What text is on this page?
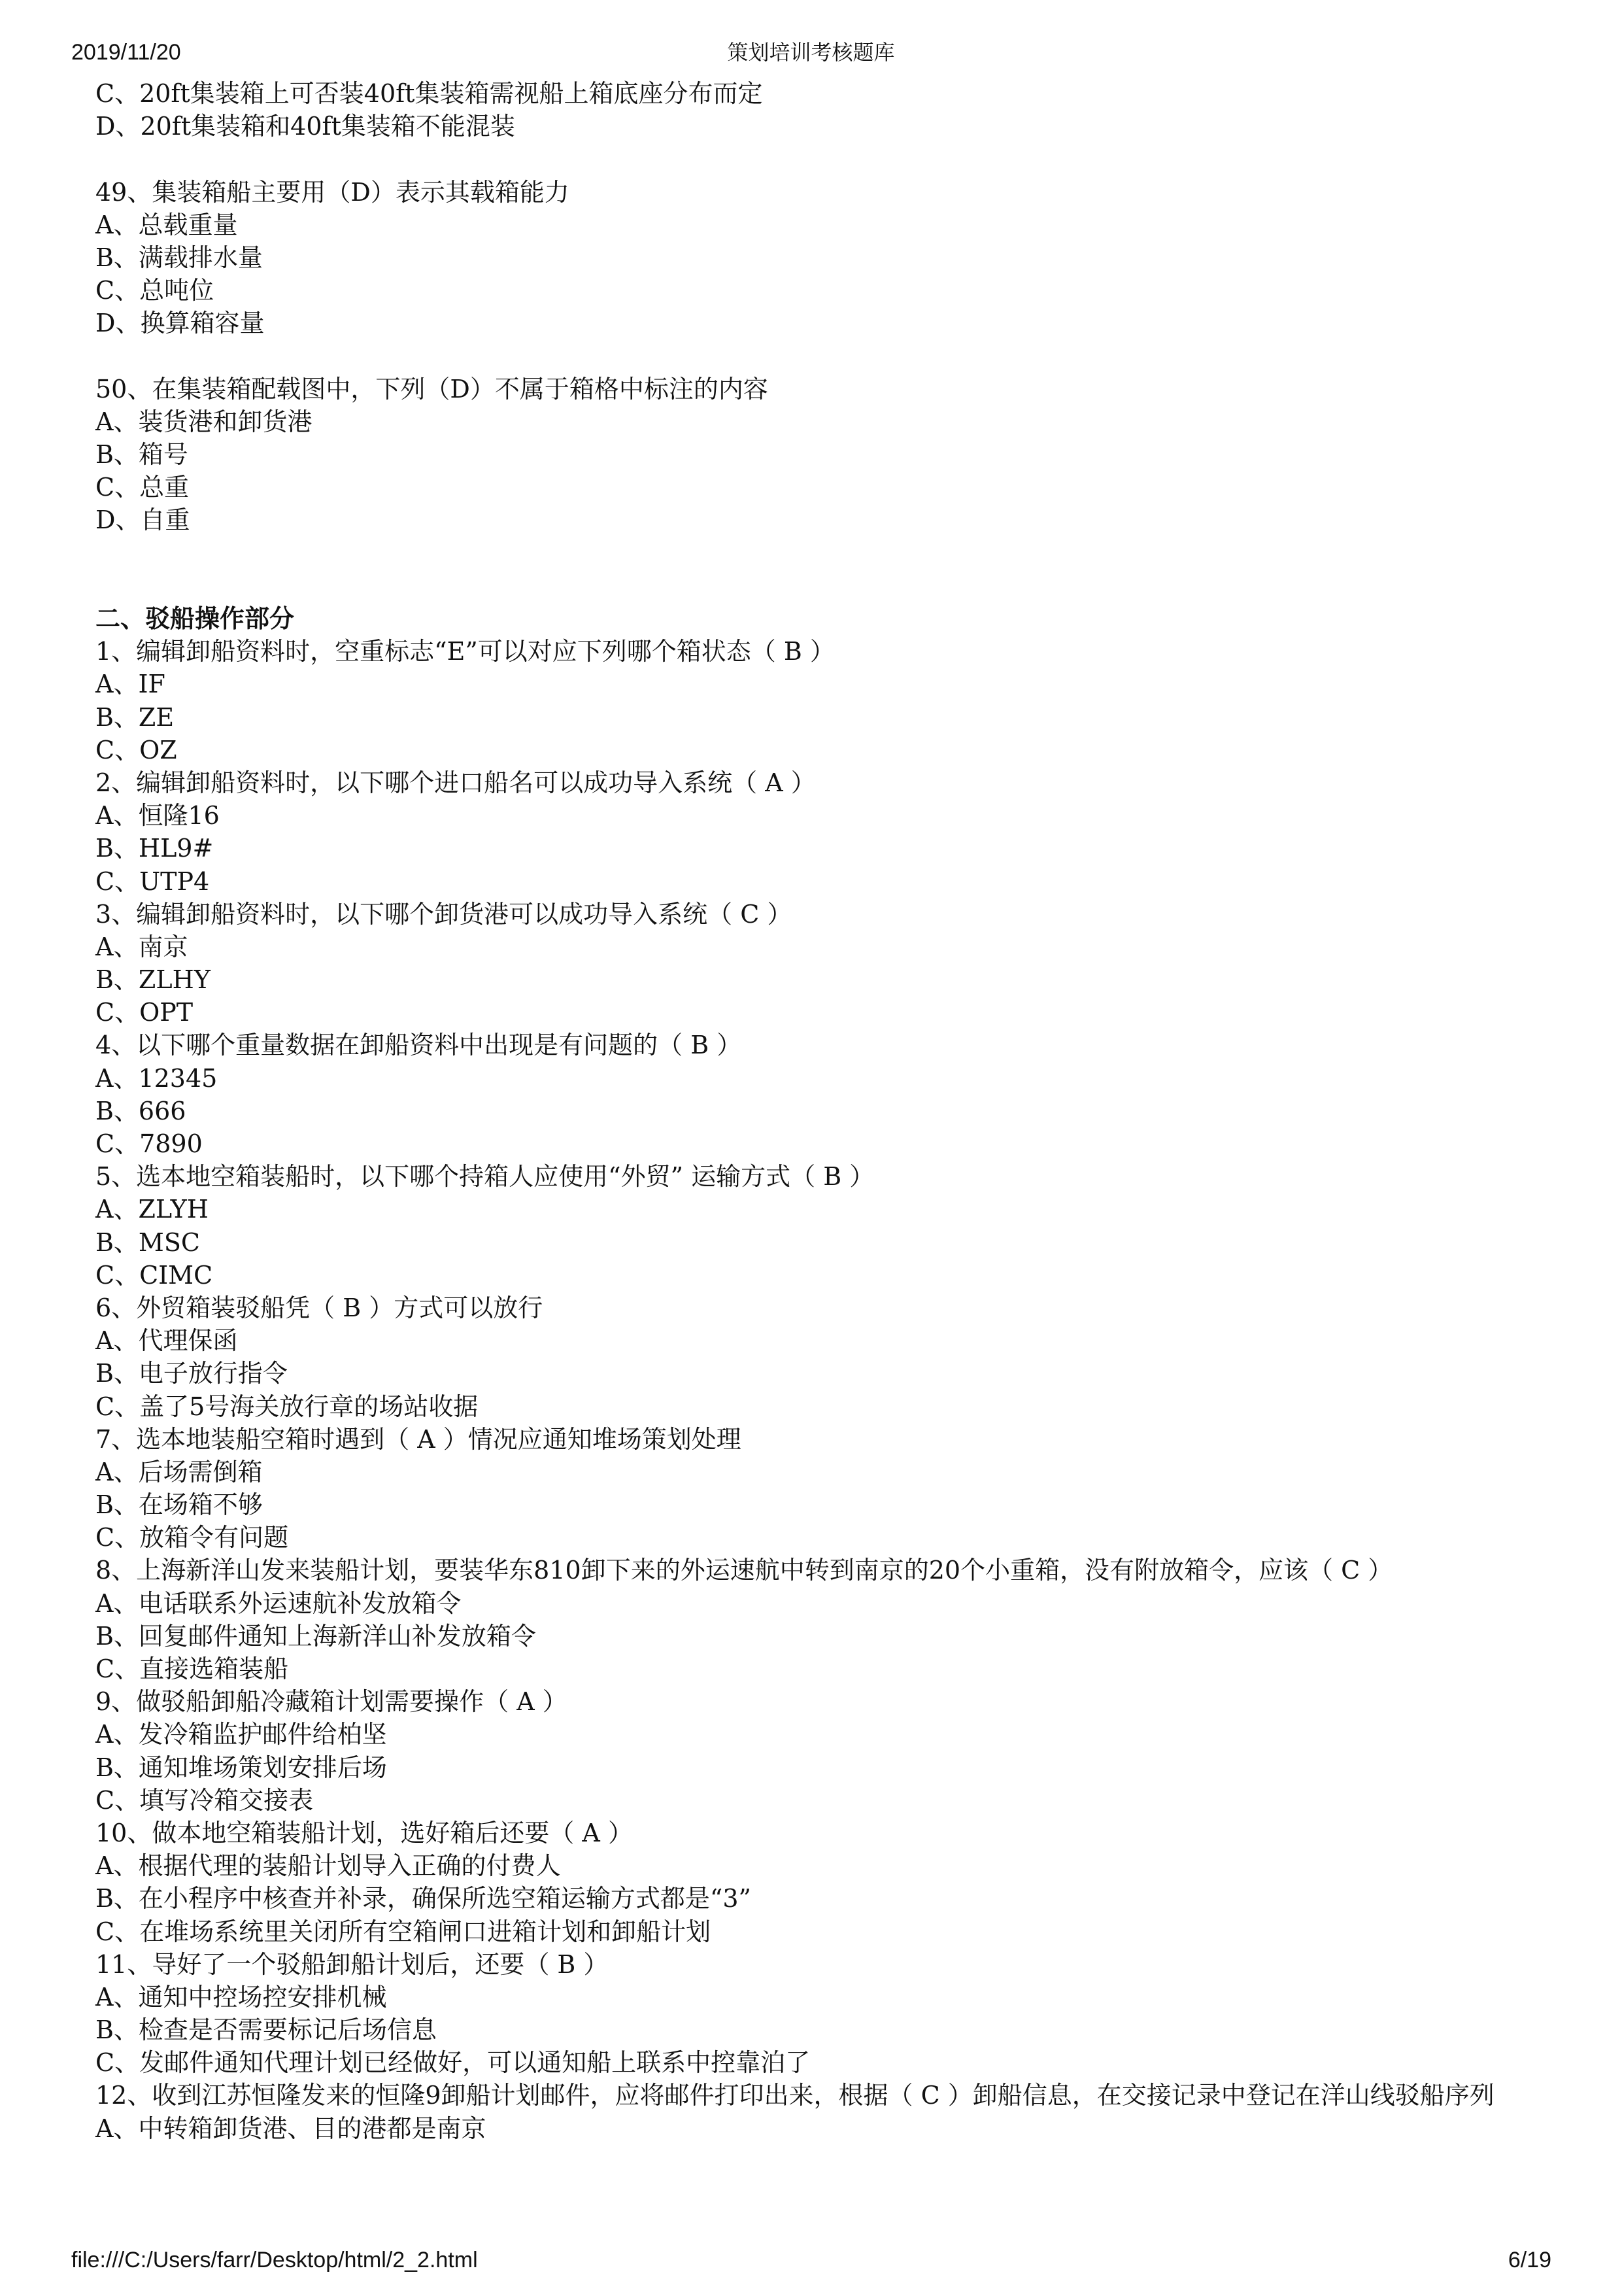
2019/11/20	策划培训考核题库
C、20ft集装箱上可否装40ft集装箱需视船上箱底座分布而定
D、20ft集装箱和40ft集装箱不能混装
49、集装箱船主要用（D）表示其载箱能力
A、总载重量
B、满载排水量
C、总吨位
D、换算箱容量
50、在集装箱配载图中，下列（D）不属于箱格中标注的内容
A、装货港和卸货港
B、箱号
C、总重
D、自重
二、驳船操作部分
1、编辑卸船资料时，空重标志“E”可以对应下列哪个箱状态（ B ）
A、IF
B、ZE
C、OZ
2、编辑卸船资料时，以下哪个进口船名可以成功导入系统（ A ）
A、恒隆16
B、HL9#
C、UTP4
3、编辑卸船资料时，以下哪个卸货港可以成功导入系统（ C ）
A、南京
B、ZLHY
C、OPT
4、以下哪个重量数据在卸船资料中出现是有问题的（ B ）
A、12345
B、666
C、7890
5、选本地空箱装船时，以下哪个持箱人应使用“外贸” 运输方式（ B ）
A、ZLYH
B、MSC
C、CIMC
6、外贸箱装驳船凭（ B ）方式可以放行
A、代理保函
B、电子放行指令
C、盖了5号海关放行章的场站收据
7、选本地装船空箱时遇到（ A ）情况应通知堆场策划处理
A、后场需倒箱
B、在场箱不够
C、放箱令有问题
8、上海新洋山发来装船计划，要装华东810卸下来的外运速航中转到南京的20个小重箱，没有附放箱令，应该（ C ）
A、电话联系外运速航补发放箱令
B、回复邮件通知上海新洋山补发放箱令
C、直接选箱装船
9、做驳船卸船冷藏箱计划需要操作（ A ）
A、发冷箱监护邮件给柏坚
B、通知堆场策划安排后场
C、填写冷箱交接表
10、做本地空箱装船计划，选好箱后还要（ A ）
A、根据代理的装船计划导入正确的付费人
B、在小程序中核查并补录，确保所选空箱运输方式都是“3”
C、在堆场系统里关闭所有空箱闸口进箱计划和卸船计划
11、导好了一个驳船卸船计划后，还要（ B ）
A、通知中控场控安排机械
B、检查是否需要标记后场信息
C、发邮件通知代理计划已经做好，可以通知船上联系中控靠泊了
12、收到江苏恒隆发来的恒隆9卸船计划邮件，应将邮件打印出来，根据（ C ）卸船信息，在交接记录中登记在洋山线驳船序列
A、中转箱卸货港、目的港都是南京
file:///C:/Users/farr/Desktop/html/2_2.html	6/19
